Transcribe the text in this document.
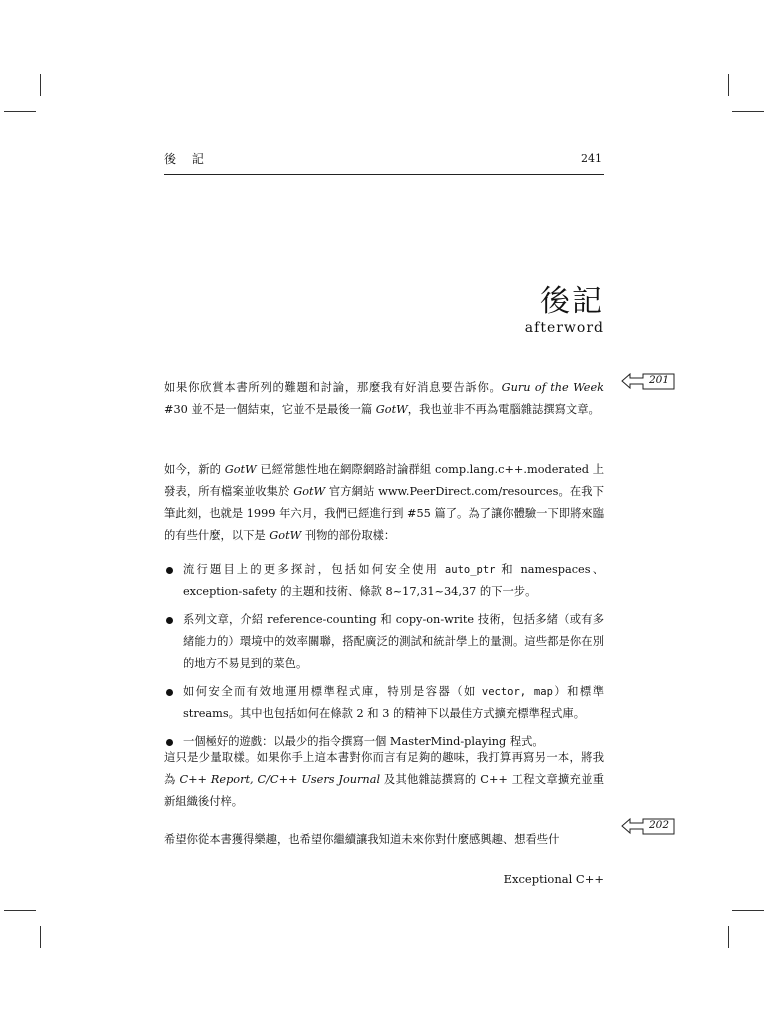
後 記	241
後記
afterword
201
如果你欣賞本書所列的難題和討論，那麼我有好消息要告訴你。Guru of the Week #30 並不是一個結束，它並不是最後一篇 GotW，我也並非不再為電腦雜誌撰寫文章。
如今，新的 GotW 已經常態性地在網際網路討論群組 comp.lang.c++.moderated 上發表，所有檔案並收集於 GotW 官方網站 www.PeerDirect.com/resources。在我下筆此刻，也就是 1999 年六月，我們已經進行到 #55 篇了。為了讓你體驗一下即將來臨的有些什麼，以下是 GotW 刊物的部份取樣：
流行題目上的更多探討，包括如何安全使用 auto_ptr 和 namespaces、exception-safety 的主題和技術、條款 8~17,31~34,37 的下一步。
系列文章，介紹 reference-counting 和 copy-on-write 技術，包括多緒（或有多緒能力的）環境中的效率關聯，搭配廣泛的測試和統計學上的量測。這些都是你在別的地方不易見到的菜色。
如何安全而有效地運用標準程式庫，特別是容器（如 vector, map）和標準 streams。其中也包括如何在條款 2 和 3 的精神下以最佳方式擴充標準程式庫。
一個極好的遊戲：以最少的指令撰寫一個 MasterMind-playing 程式。
這只是少量取樣。如果你手上這本書對你而言有足夠的趣味，我打算再寫另一本，將我為 C++ Report, C/C++ Users Journal 及其他雜誌撰寫的 C++ 工程文章擴充並重新組織後付梓。
202
希望你從本書獲得樂趣，也希望你繼續讓我知道未來你對什麼感興趣、想看些什
Exceptional C++
